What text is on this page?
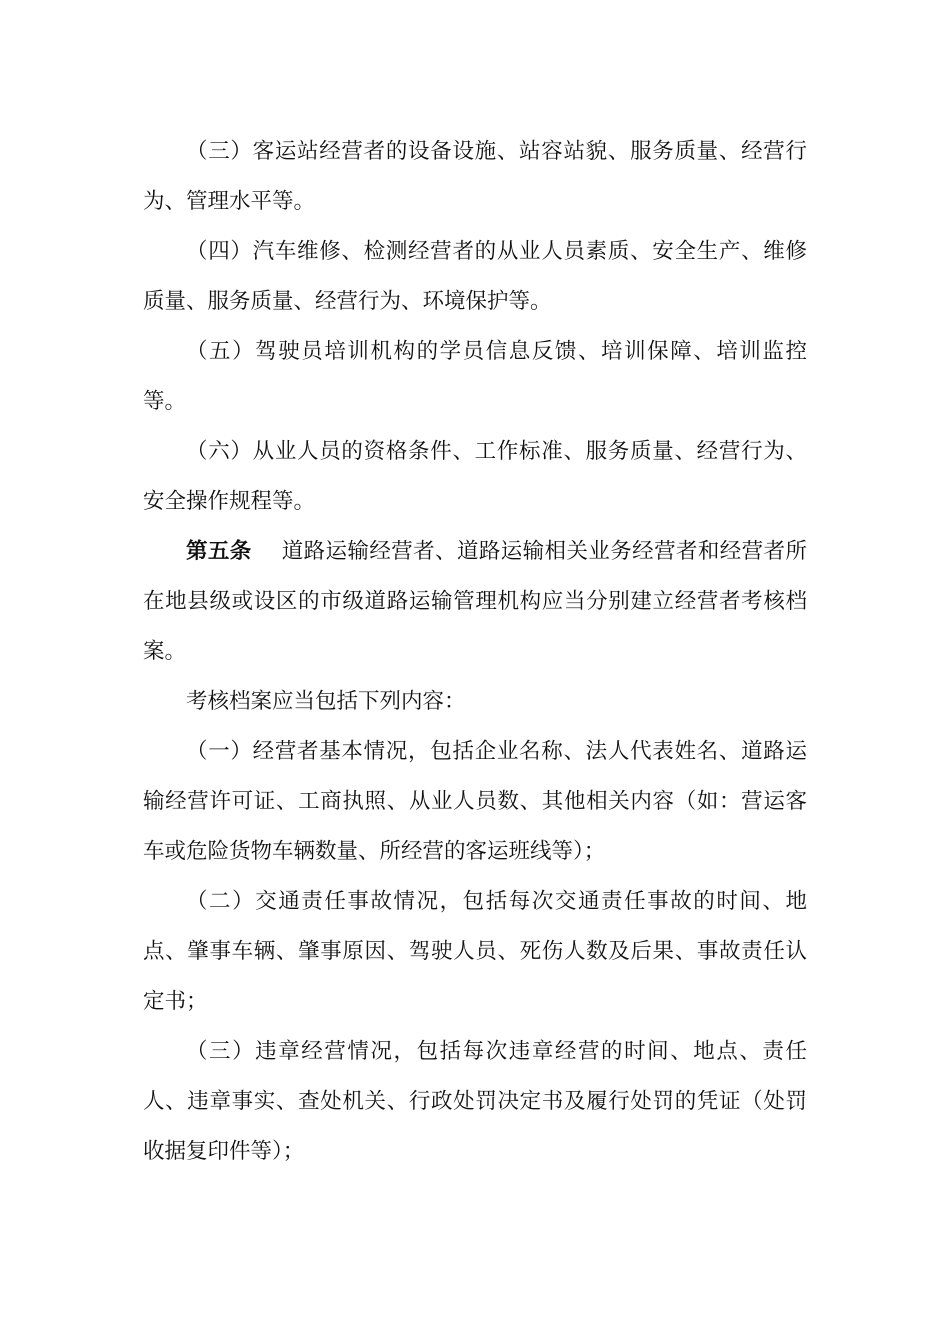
（三）客运站经营者的设备设施、站容站貌、服务质量、经营行为、管理水平等。

（四）汽车维修、检测经营者的从业人员素质、安全生产、维修质量、服务质量、经营行为、环境保护等。

（五）驾驶员培训机构的学员信息反馈、培训保障、培训监控等。

（六）从业人员的资格条件、工作标准、服务质量、经营行为、安全操作规程等。

第五条 道路运输经营者、道路运输相关业务经营者和经营者所在地县级或设区的市级道路运输管理机构应当分别建立经营者考核档案。

考核档案应当包括下列内容：

（一）经营者基本情况，包括企业名称、法人代表姓名、道路运输经营许可证、工商执照、从业人员数、其他相关内容（如：营运客车或危险货物车辆数量、所经营的客运班线等）；

（二）交通责任事故情况，包括每次交通责任事故的时间、地点、肇事车辆、肇事原因、驾驶人员、死伤人数及后果、事故责任认定书；

（三）违章经营情况，包括每次违章经营的时间、地点、责任人、违章事实、查处机关、行政处罚决定书及履行处罚的凭证（处罚收据复印件等）；
